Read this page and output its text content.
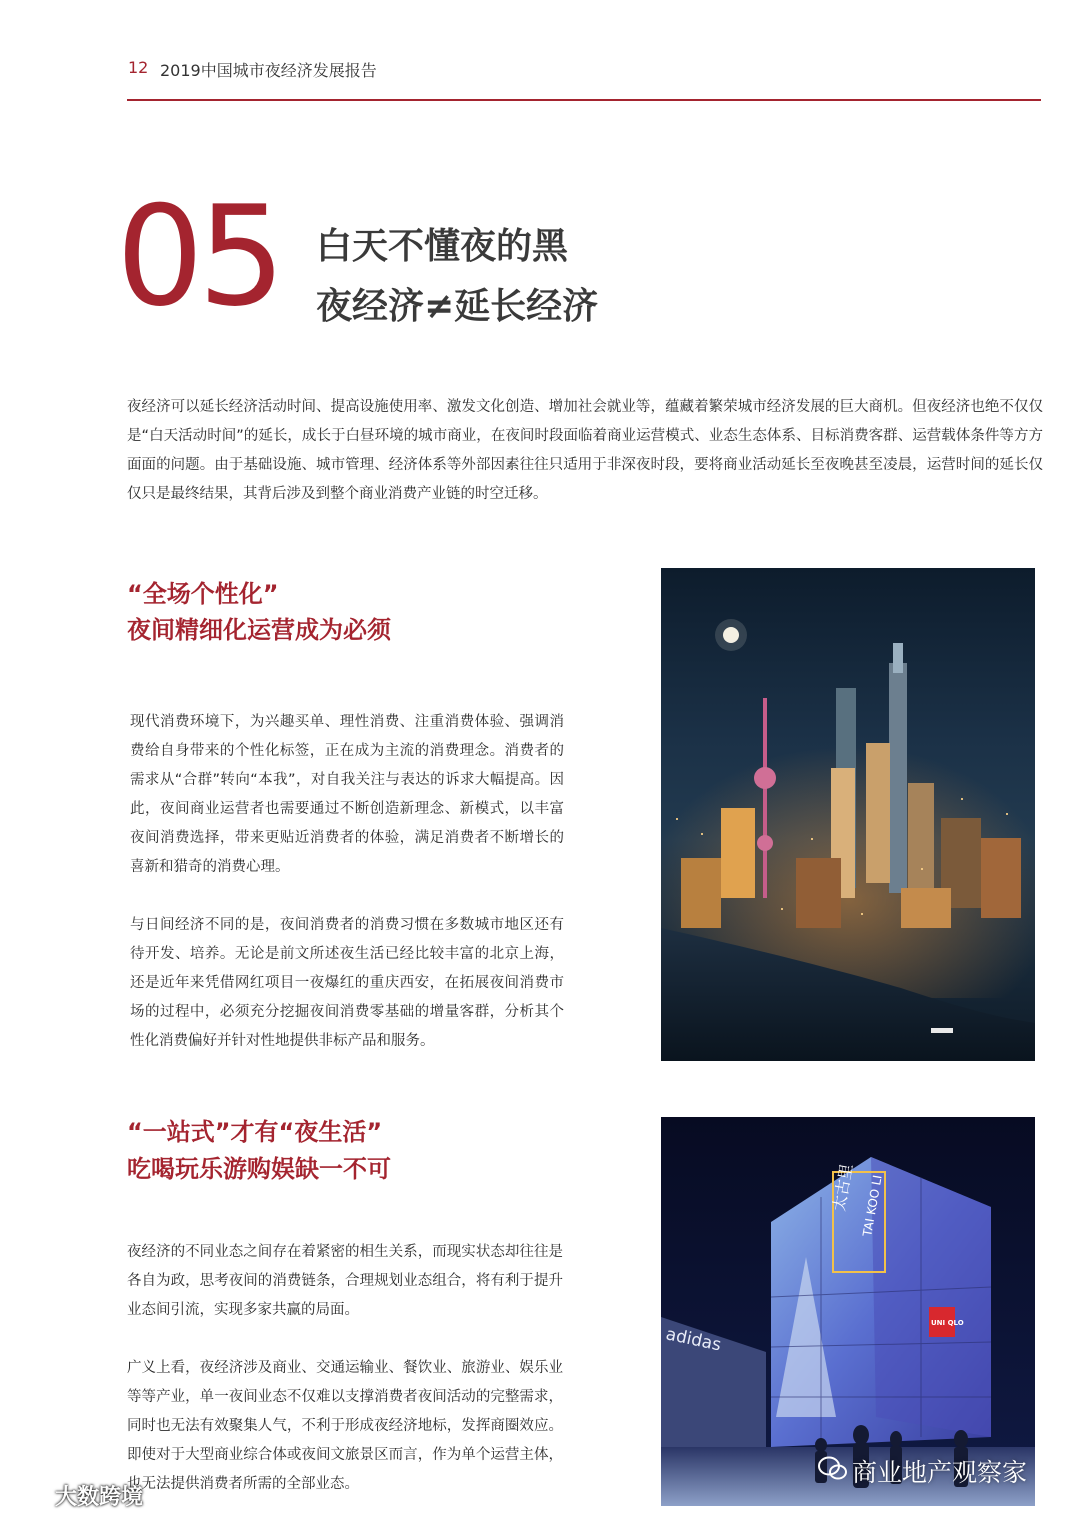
12 2019中国城市夜经济发展报告
05 白天不懂夜的黑
夜经济≠延长经济
夜经济可以延长经济活动时间、提高设施使用率、激发文化创造、增加社会就业等，蕴藏着繁荣城市经济发展的巨大商机。但夜经济也绝不仅仅是“白天活动时间”的延长，成长于白昼环境的城市商业，在夜间时段面临着商业运营模式、业态生态体系、目标消费客群、运营载体条件等方方面面的问题。由于基础设施、城市管理、经济体系等外部因素往往只适用于非深夜时段，要将商业活动延长至夜晚甚至凌晨，运营时间的延长仅仅只是最终结果，其背后涉及到整个商业消费产业链的时空迁移。
“全场个性化”
夜间精细化运营成为必须
现代消费环境下，为兴趣买单、理性消费、注重消费体验、强调消费给自身带来的个性化标签，正在成为主流的消费理念。消费者的需求从“合群”转向“本我”，对自我关注与表达的诉求大幅提高。因此，夜间商业运营者也需要通过不断创造新理念、新模式，以丰富夜间消费选择，带来更贴近消费者的体验，满足消费者不断增长的喜新和猎奇的消费心理。
与日间经济不同的是，夜间消费者的消费习惯在多数城市地区还有待开发、培养。无论是前文所述夜生活已经比较丰富的北京上海，还是近年来凭借网红项目一夜爆红的重庆西安，在拓展夜间消费市场的过程中，必须充分挖掘夜间消费零基础的增量客群，分析其个性化消费偏好并针对性地提供非标产品和服务。
“一站式”才有“夜生活”
吃喝玩乐游购娱缺一不可
夜经济的不同业态之间存在着紧密的相生关系，而现实状态却往往是各自为政，思考夜间的消费链条，合理规划业态组合，将有利于提升业态间引流，实现多家共赢的局面。
广义上看，夜经济涉及商业、交通运输业、餐饮业、旅游业、娱乐业等等产业，单一夜间业态不仅难以支撑消费者夜间活动的完整需求，同时也无法有效聚集人气，不利于形成夜经济地标，发挥商圈效应。即使对于大型商业综合体或夜间文旅景区而言，作为单个运营主体，也无法提供消费者所需的全部业态。
太古里 TAI KOO LI
UNI QLO
adidas
商业地产观察家
大数跨境
